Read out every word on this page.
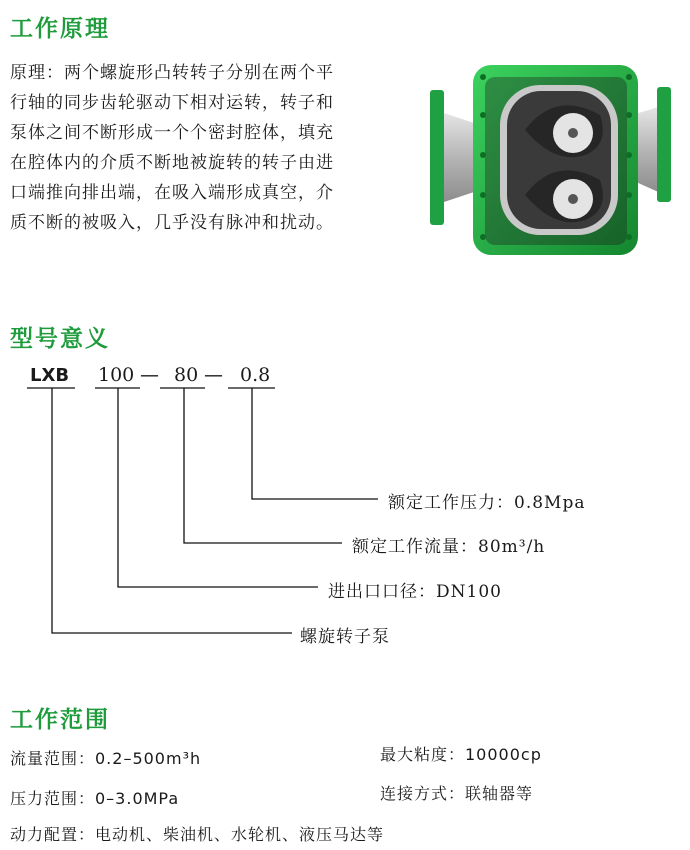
工作原理
原理：两个螺旋形凸转转子分别在两个平
行轴的同步齿轮驱动下相对运转，转子和
泵体之间不断形成一个个密封腔体，填充
在腔体内的介质不断地被旋转的转子由进
口端推向排出端，在吸入端形成真空，介
质不断的被吸入，几乎没有脉冲和扰动。
型号意义
LXB 100 — 80 — 0.8
额定工作压力：0.8Mpa
额定工作流量：80m³/h
进出口口径：DN100
螺旋转子泵
工作范围
流量范围：0.2–500m³h	最大粘度：10000cp
压力范围：0–3.0MPa	连接方式：联轴器等
动力配置：电动机、柴油机、水轮机、液压马达等
